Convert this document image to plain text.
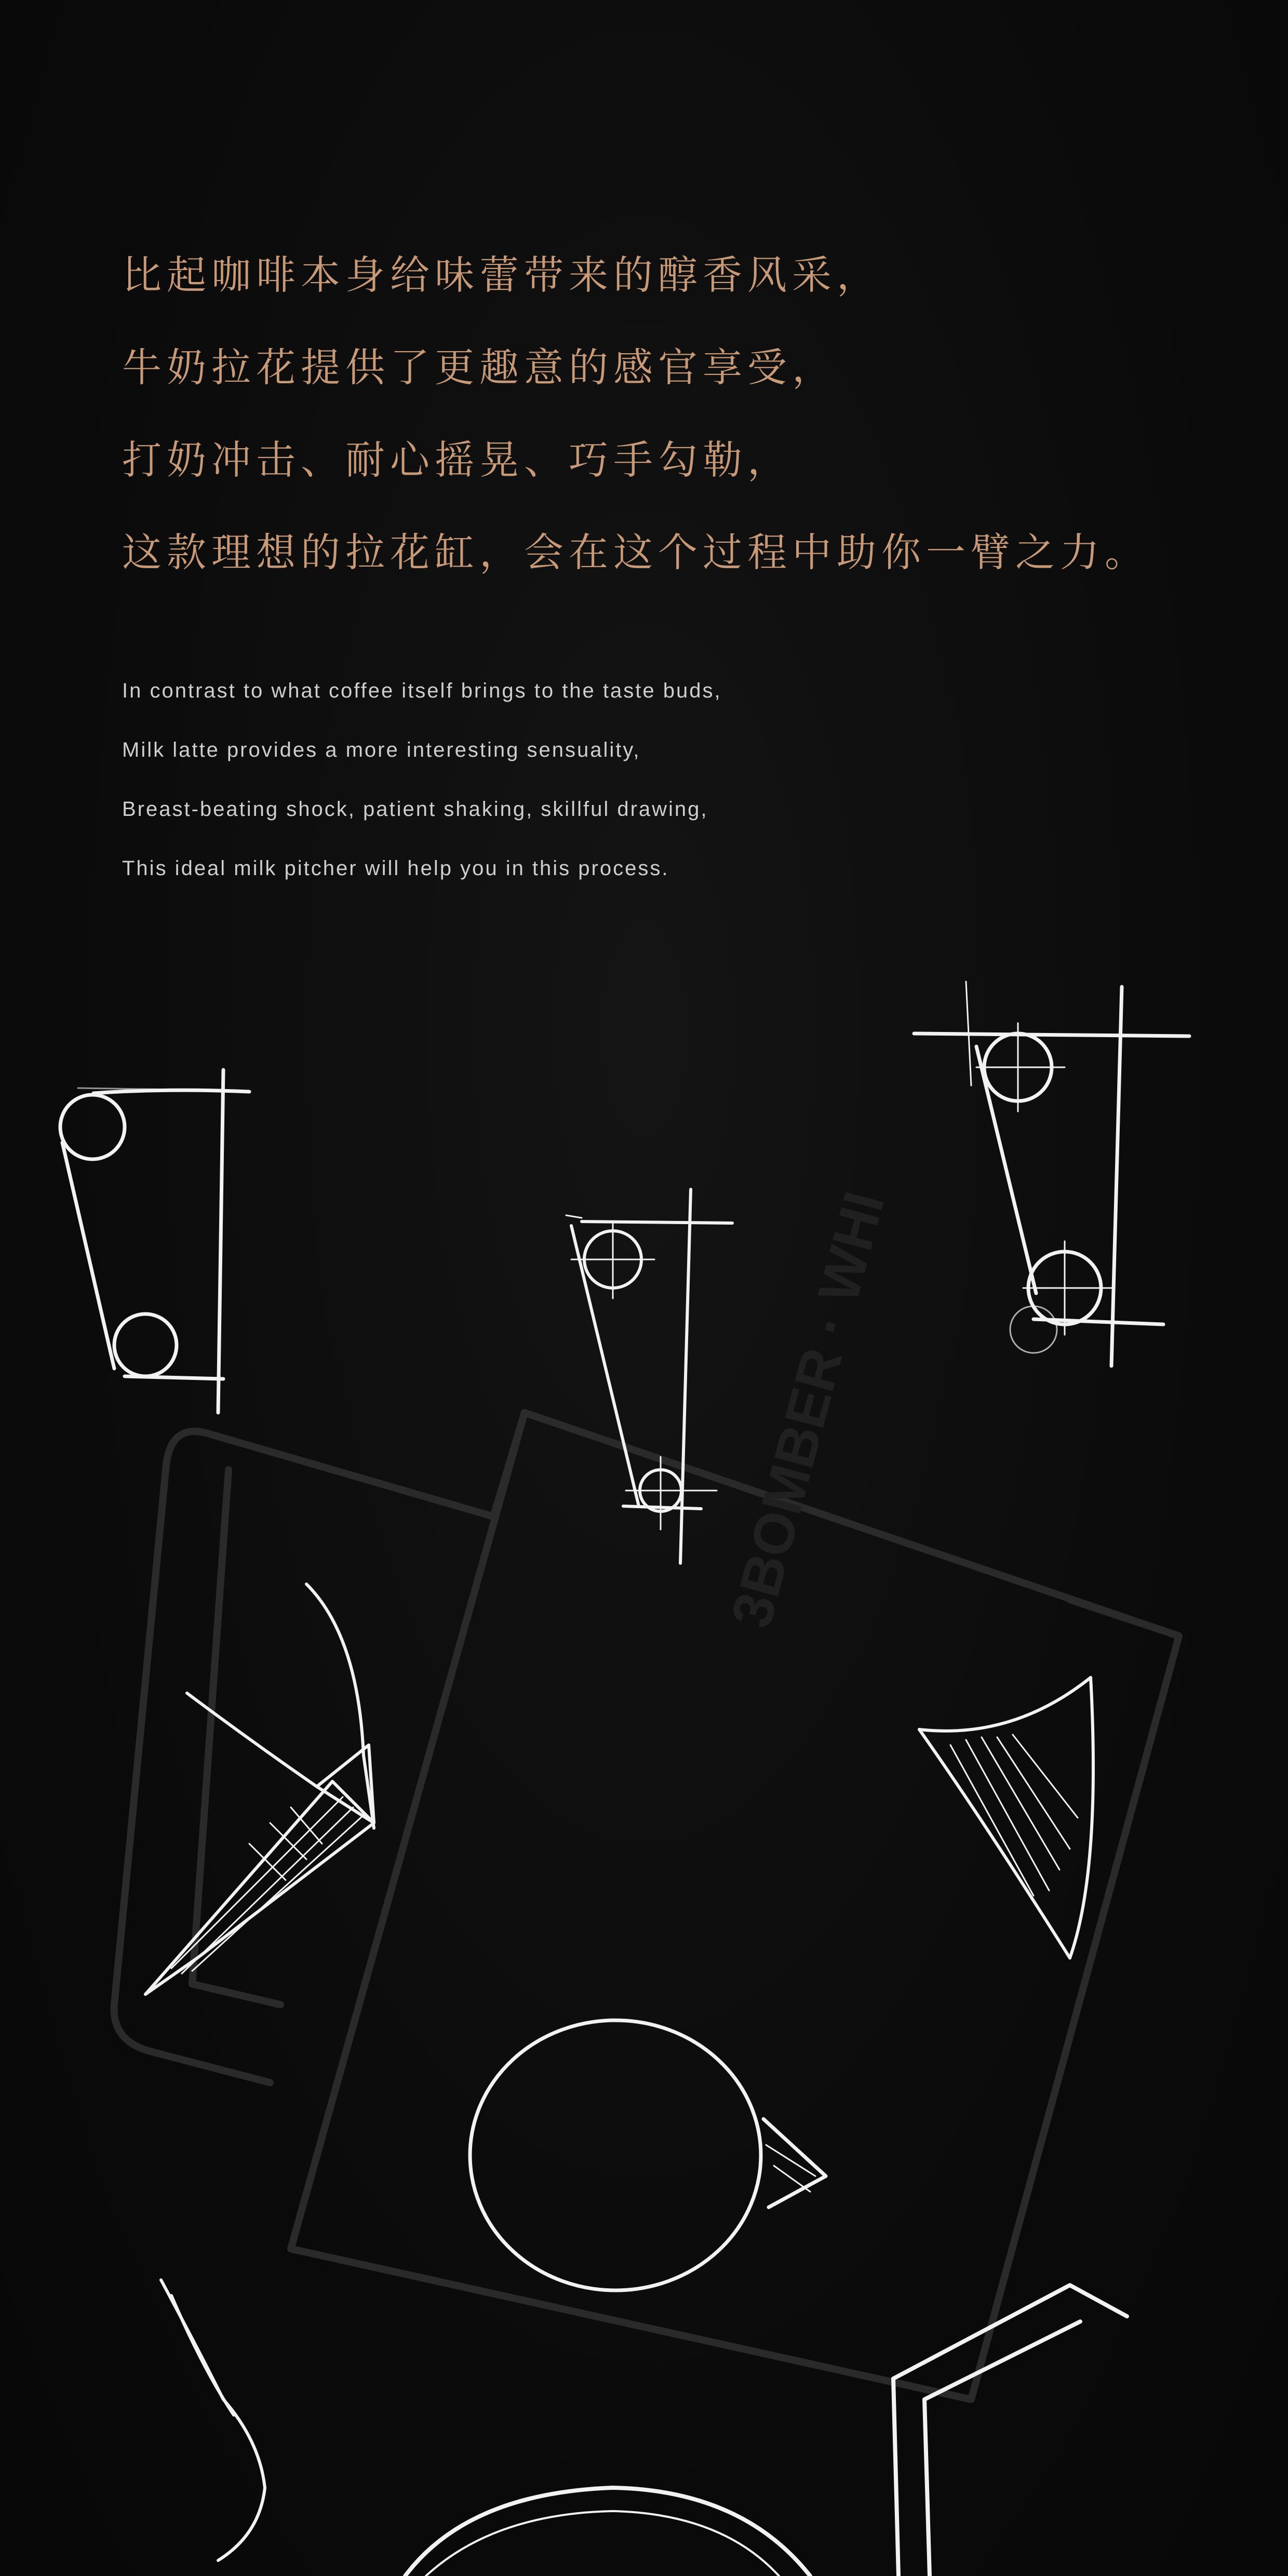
比起咖啡本身给味蕾带来的醇香风采，
牛奶拉花提供了更趣意的感官享受，
打奶冲击、耐心摇晃、巧手勾勒，
这款理想的拉花缸，会在这个过程中助你一臂之力。
In contrast to what coffee itself brings to the taste buds,
Milk latte provides a more interesting sensuality,
Breast-beating shock, patient shaking, skillful drawing,
This ideal milk pitcher will help you in this process.
3BOMBER · WHI
